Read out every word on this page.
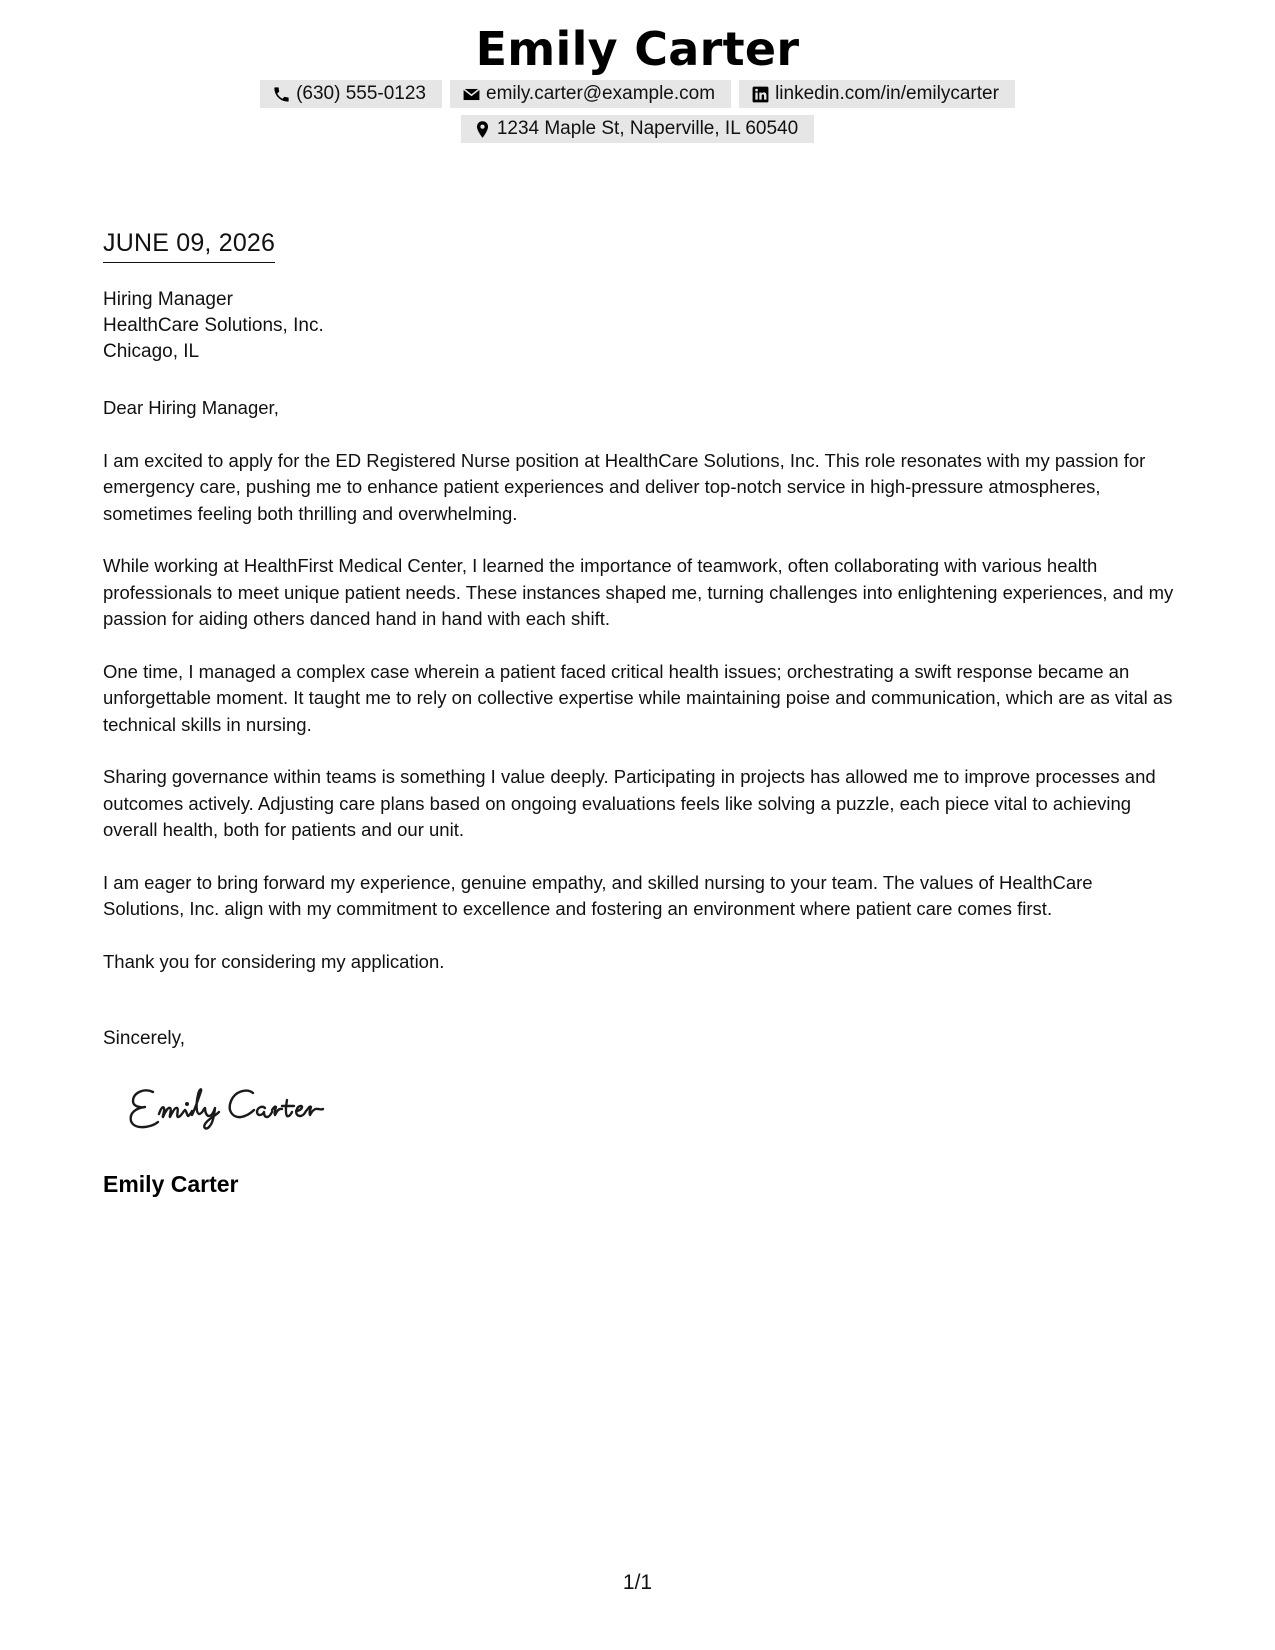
Emily Carter
(630) 555-0123	emily.carter@example.com	linkedin.com/in/emilycarter
1234 Maple St, Naperville, IL 60540
JUNE 09, 2026
Hiring Manager
HealthCare Solutions, Inc.
Chicago, IL

Dear Hiring Manager,

I am excited to apply for the ED Registered Nurse position at HealthCare Solutions, Inc. This role resonates with my passion for emergency care, pushing me to enhance patient experiences and deliver top-notch service in high-pressure atmospheres, sometimes feeling both thrilling and overwhelming.

While working at HealthFirst Medical Center, I learned the importance of teamwork, often collaborating with various health professionals to meet unique patient needs. These instances shaped me, turning challenges into enlightening experiences, and my passion for aiding others danced hand in hand with each shift.

One time, I managed a complex case wherein a patient faced critical health issues; orchestrating a swift response became an unforgettable moment. It taught me to rely on collective expertise while maintaining poise and communication, which are as vital as technical skills in nursing.

Sharing governance within teams is something I value deeply. Participating in projects has allowed me to improve processes and outcomes actively. Adjusting care plans based on ongoing evaluations feels like solving a puzzle, each piece vital to achieving overall health, both for patients and our unit.

I am eager to bring forward my experience, genuine empathy, and skilled nursing to your team. The values of HealthCare Solutions, Inc. align with my commitment to excellence and fostering an environment where patient care comes first.

Thank you for considering my application.

Sincerely,
Emily Carter
1/1
